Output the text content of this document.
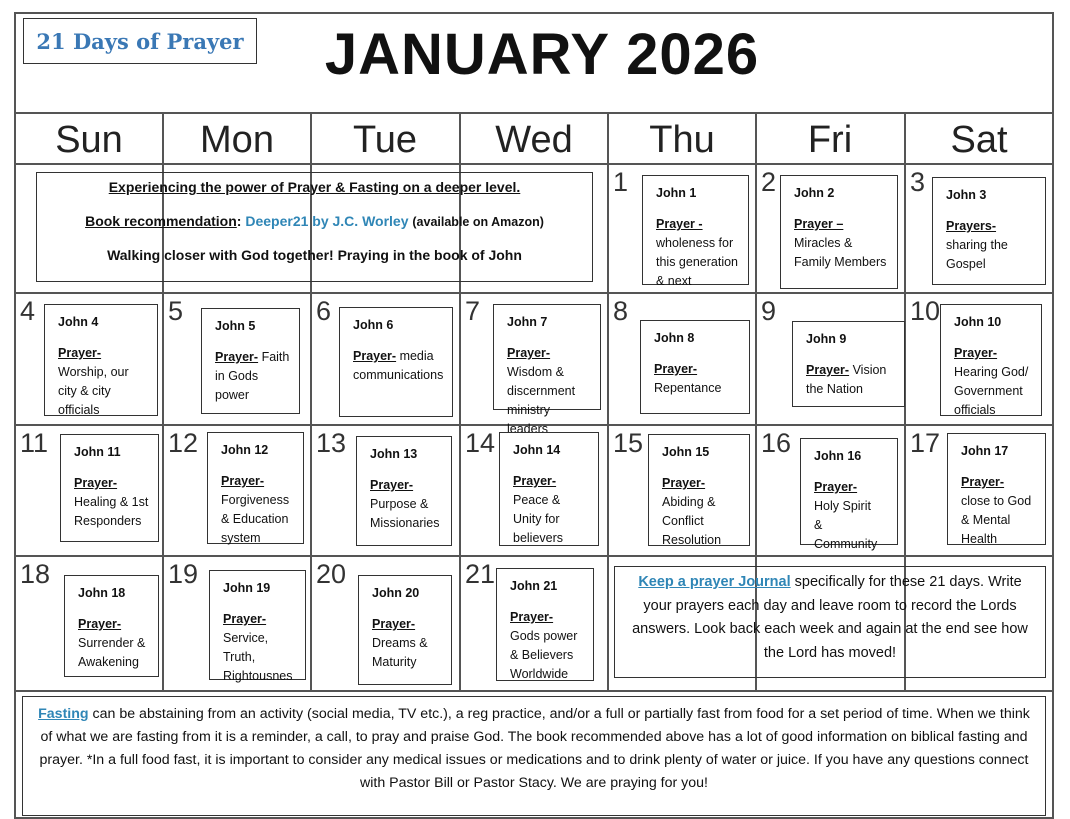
21 Days of Prayer	JANUARY 2026
Sun	Mon	Tue	Wed	Thu	Fri	Sat
Experiencing the power of Prayer & Fasting on a deeper level.
Book recommendation: Deeper21 by J.C. Worley (available on Amazon)
Walking closer with God together! Praying in the book of John
1 John 1
Prayer -
wholeness for
this generation
& next
2 John 2
Prayer –
Miracles &
Family Members
3 John 3
Prayers-
sharing the
Gospel
4 John 4
Prayer-
Worship, our
city & city
officials
5	John 5
Prayer- Faith
in Gods
power
6 John 6
Prayer- media
communications
7 John 7
Prayer-
Wisdom &
discernment
ministry leaders
8
John 8
Prayer-
Repentance
9
John 9
Prayer- Vision
the Nation
10 John 10
Prayer-
Hearing God/
Government
officials
11 John 11
Prayer-
Healing & 1st
Responders
12 John 12
Prayer-
Forgiveness
& Education
system
13 John 13
Prayer-
Purpose &
Missionaries
14 John 14
Prayer-
Peace &
Unity for
believers
15 John 15
Prayer-
Abiding &
Conflict
Resolution
16 John 16
Prayer-
Holy Spirit
&
Community
17 John 17
Prayer-
close to God
& Mental
Health
18
John 18
Prayer-
Surrender &
Awakening
19 John 19
Prayer-
Service,
Truth,
Rightousnes
20
John 20
Prayer-
Dreams &
Maturity
21 John 21
Prayer-
Gods power
& Believers
Worldwide
Keep a prayer Journal specifically for these 21 days. Write your prayers each day and leave room to record the Lords answers. Look back each week and again at the end see how the Lord has moved!
Fasting can be abstaining from an activity (social media, TV etc.), a reg practice, and/or a full or partially fast from food for a set period of time. When we think of what we are fasting from it is a reminder, a call, to pray and praise God. The book recommended above has a lot of good information on biblical fasting and prayer. *In a full food fast, it is important to consider any medical issues or medications and to drink plenty of water or juice. If you have any questions connect with Pastor Bill or Pastor Stacy. We are praying for you!
